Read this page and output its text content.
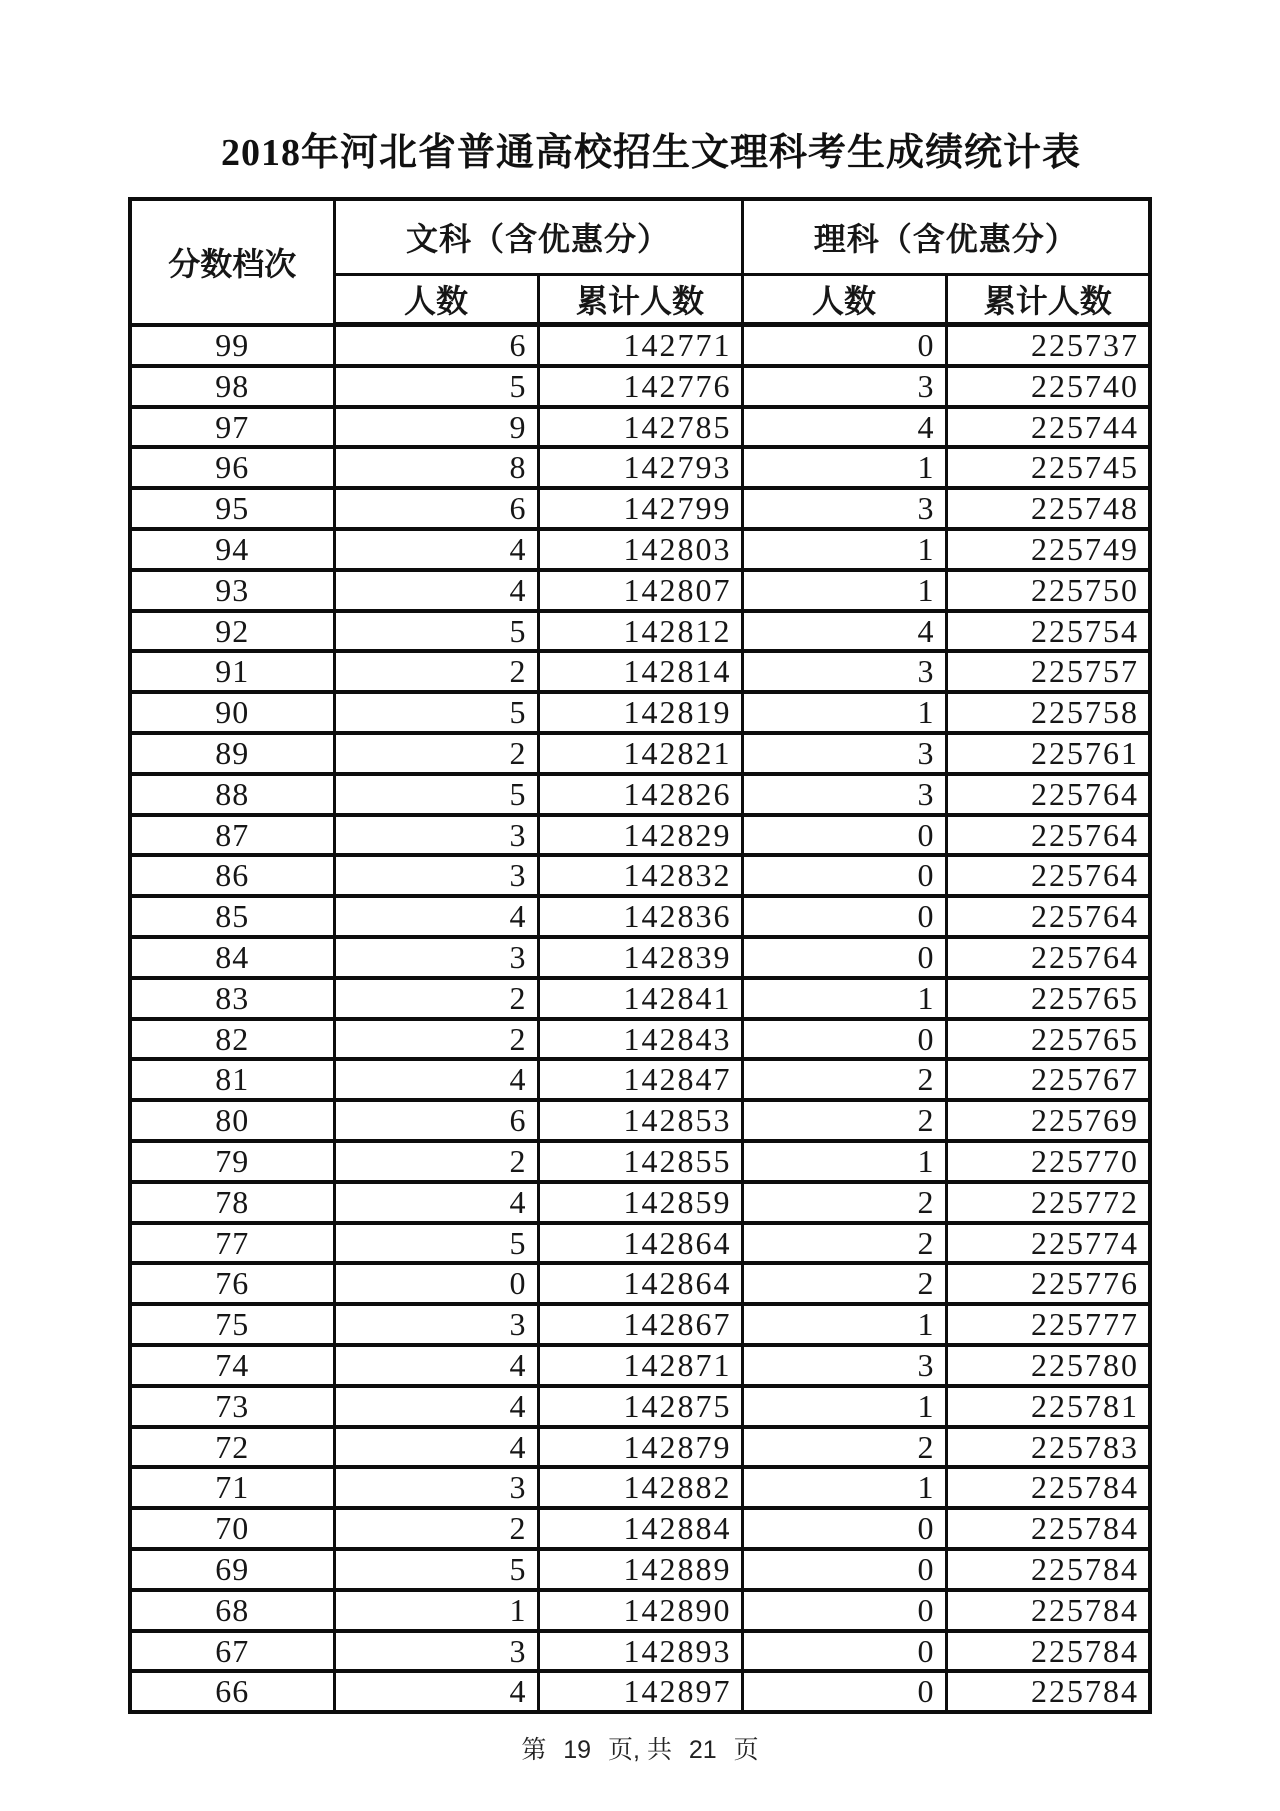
2018年河北省普通高校招生文理科考生成绩统计表
分数档次	文科（含优惠分）		理科（含优惠分）	
	人数	累计人数	人数	累计人数
99	6	142771	0	225737
98	5	142776	3	225740
97	9	142785	4	225744
96	8	142793	1	225745
95	6	142799	3	225748
94	4	142803	1	225749
93	4	142807	1	225750
92	5	142812	4	225754
91	2	142814	3	225757
90	5	142819	1	225758
89	2	142821	3	225761
88	5	142826	3	225764
87	3	142829	0	225764
86	3	142832	0	225764
85	4	142836	0	225764
84	3	142839	0	225764
83	2	142841	1	225765
82	2	142843	0	225765
81	4	142847	2	225767
80	6	142853	2	225769
79	2	142855	1	225770
78	4	142859	2	225772
77	5	142864	2	225774
76	0	142864	2	225776
75	3	142867	1	225777
74	4	142871	3	225780
73	4	142875	1	225781
72	4	142879	2	225783
71	3	142882	1	225784
70	2	142884	0	225784
69	5	142889	0	225784
68	1	142890	0	225784
67	3	142893	0	225784
66	4	142897	0	225784
第 19 页, 共 21 页
